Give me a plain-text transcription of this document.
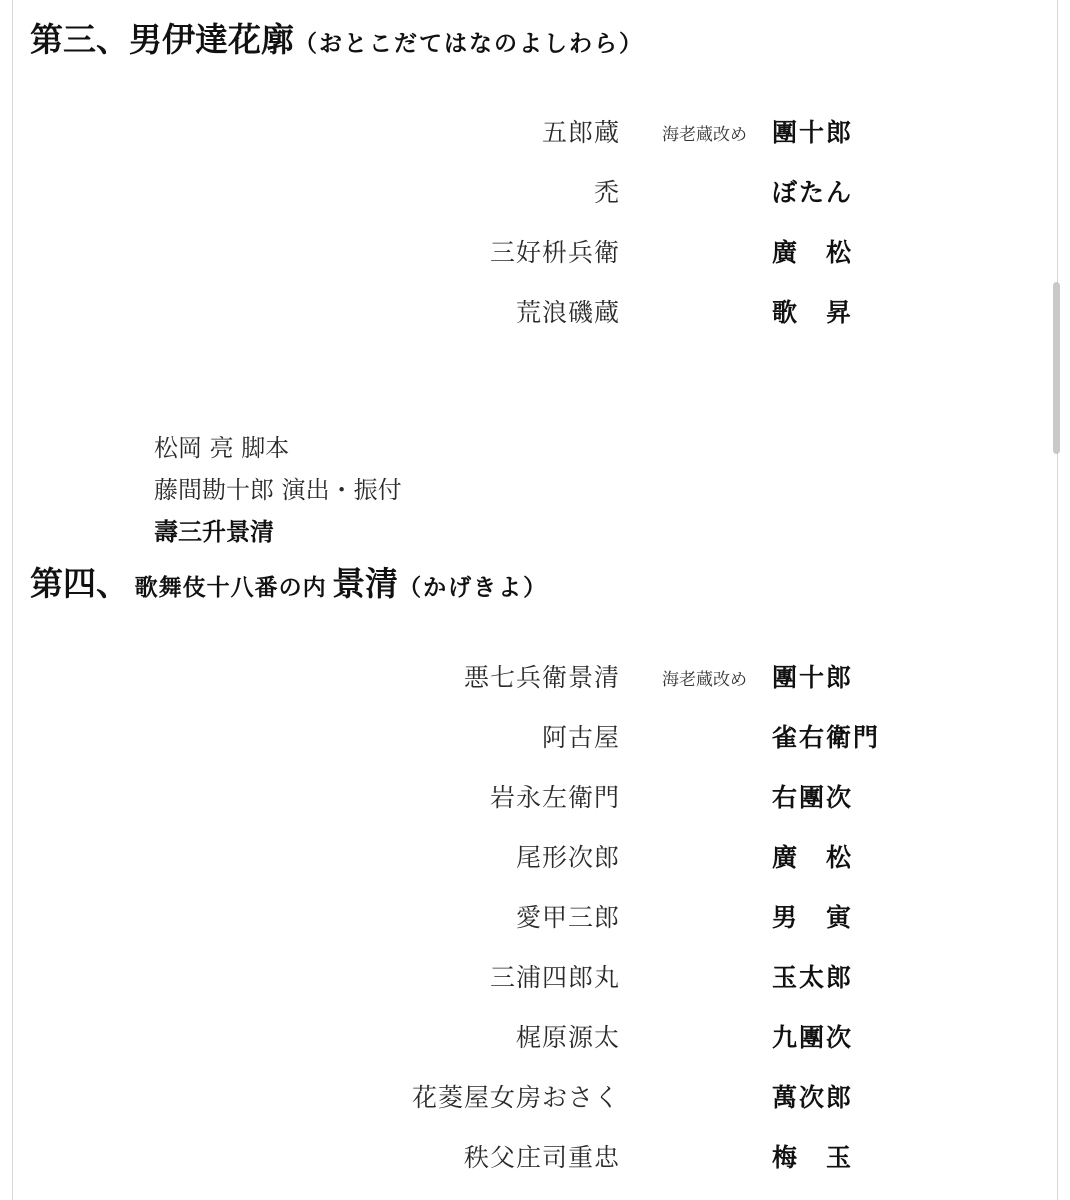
第三、男伊達花廓（おとこだてはなのよしわら）
五郎蔵 海老蔵改め 團十郎
禿	ぼたん
三好枡兵衛	廣　松
荒浪磯蔵	歌　昇
松岡 亮 脚本
藤間勘十郎 演出・振付
壽三升景清
第四、 歌舞伎十八番の内 景清（かげきよ）
悪七兵衛景清 海老蔵改め 團十郎
阿古屋	雀右衛門
岩永左衛門	右團次
尾形次郎	廣　松
愛甲三郎	男　寅
三浦四郎丸	玉太郎
梶原源太	九團次
花菱屋女房おさく	萬次郎
秩父庄司重忠	梅　玉
